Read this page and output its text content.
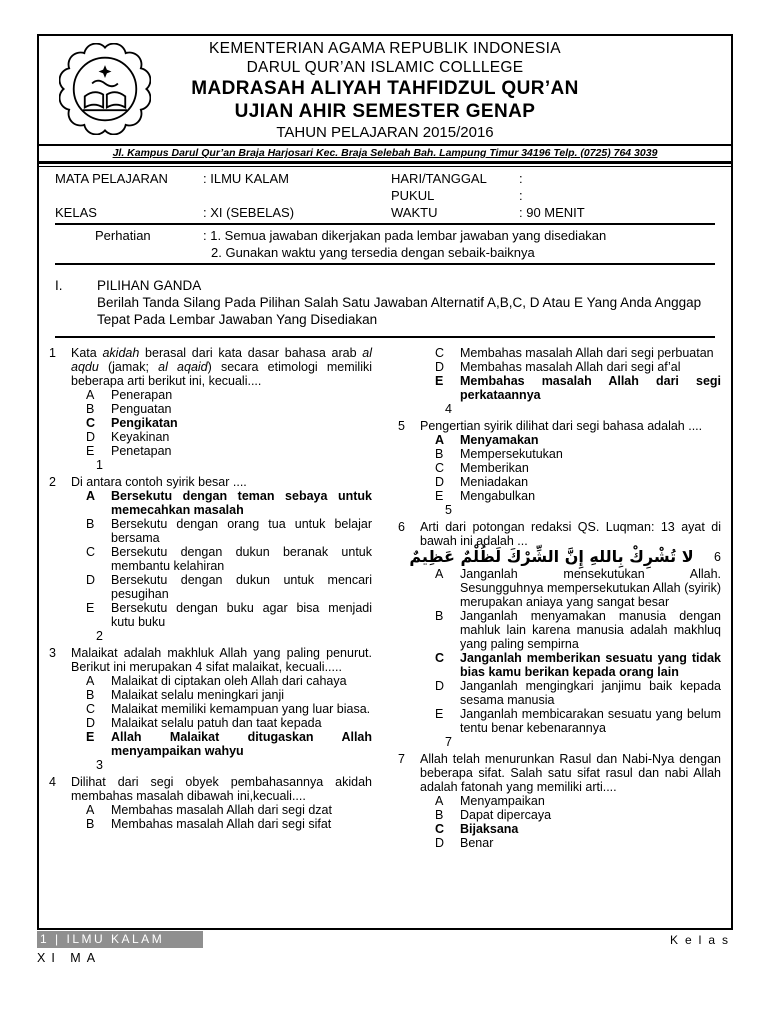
KEMENTERIAN AGAMA REPUBLIK INDONESIA
DARUL QUR’AN ISLAMIC COLLLEGE
MADRASAH ALIYAH TAHFIDZUL QUR’AN
UJIAN AHIR SEMESTER GENAP
TAHUN PELAJARAN 2015/2016
Jl. Kampus Darul Qur’an Braja Harjosari Kec. Braja Selebah Bah. Lampung Timur 34196 Telp. (0725) 764 3039
MATA PELAJARAN	: ILMU KALAM	HARI/TANGGAL	:
PUKUL	:
KELAS	: XI (SEBELAS)	WAKTU	: 90 MENIT
Perhatian	: 1. Semua jawaban dikerjakan pada lembar jawaban yang disediakan
2. Gunakan waktu yang tersedia dengan sebaik-baiknya
I.	PILIHAN GANDA
Berilah Tanda Silang Pada Pilihan Salah Satu Jawaban Alternatif A,B,C, D Atau E Yang Anda Anggap Tepat Pada Lembar Jawaban Yang Disediakan
1	Kata akidah berasal dari kata dasar bahasa arab al aqdu (jamak; al aqaid) secara etimologi memiliki beberapa arti berikut ini, kecuali....
A	Penerapan
B	Penguatan
C	Pengikatan
D	Keyakinan
E	Penetapan
1
2	Di antara contoh syirik besar ....
A	Bersekutu dengan teman sebaya untuk memecahkan masalah
B	Bersekutu dengan orang tua untuk belajar bersama
C	Bersekutu dengan dukun beranak untuk membantu kelahiran
D	Bersekutu dengan dukun untuk mencari pesugihan
E	Bersekutu dengan buku agar bisa menjadi kutu buku
2
3	Malaikat adalah makhluk Allah yang paling penurut. Berikut ini merupakan 4 sifat malaikat, kecuali.....
A	Malaikat di ciptakan oleh Allah dari cahaya
B	Malaikat selalu meningkari janji
C	Malaikat memiliki kemampuan yang luar biasa.
D	Malaikat selalu patuh dan taat kepada
E	Allah Malaikat ditugaskan Allah menyampaikan wahyu
3
4	Dilihat dari segi obyek pembahasannya akidah membahas masalah dibawah ini,kecuali....
A	Membahas masalah Allah dari segi dzat
B	Membahas masalah Allah dari segi sifat
C	Membahas masalah Allah dari segi perbuatan
D	Membahas masalah Allah dari segi af’al
E	Membahas masalah Allah dari segi perkataannya
4
5	Pengertian syirik dilihat dari segi bahasa adalah ....
A	Menyamakan
B	Mempersekutukan
C	Memberikan
D	Meniadakan
E	Mengabulkan
5
6	Arti dari potongan redaksi QS. Luqman: 13 ayat di bawah ini adalah ...
لا تُشْرِكْ بِاللهِ إِنَّ الشِّرْكَ لَظُلْمٌ عَظِيمٌ	6
A	Janganlah mensekutukan Allah. Sesungguhnya mempersekutukan Allah (syirik) merupakan aniaya yang sangat besar
B	Janganlah menyamakan manusia dengan mahluk lain karena manusia adalah makhluq yang paling sempirna
C	Janganlah memberikan sesuatu yang tidak bias kamu berikan kepada orang lain
D	Janganlah mengingkari janjimu baik kepada sesama manusia
E	Janganlah membicarakan sesuatu yang belum tentu benar kebenarannya
7
7	Allah telah menurunkan Rasul dan Nabi-Nya dengan beberapa sifat. Salah satu sifat rasul dan nabi Allah adalah fatonah yang memiliki arti....
A	Menyampaikan
B	Dapat dipercaya
C	Bijaksana
D	Benar
1 | ILMU KALAM	Kelas
XI MA
